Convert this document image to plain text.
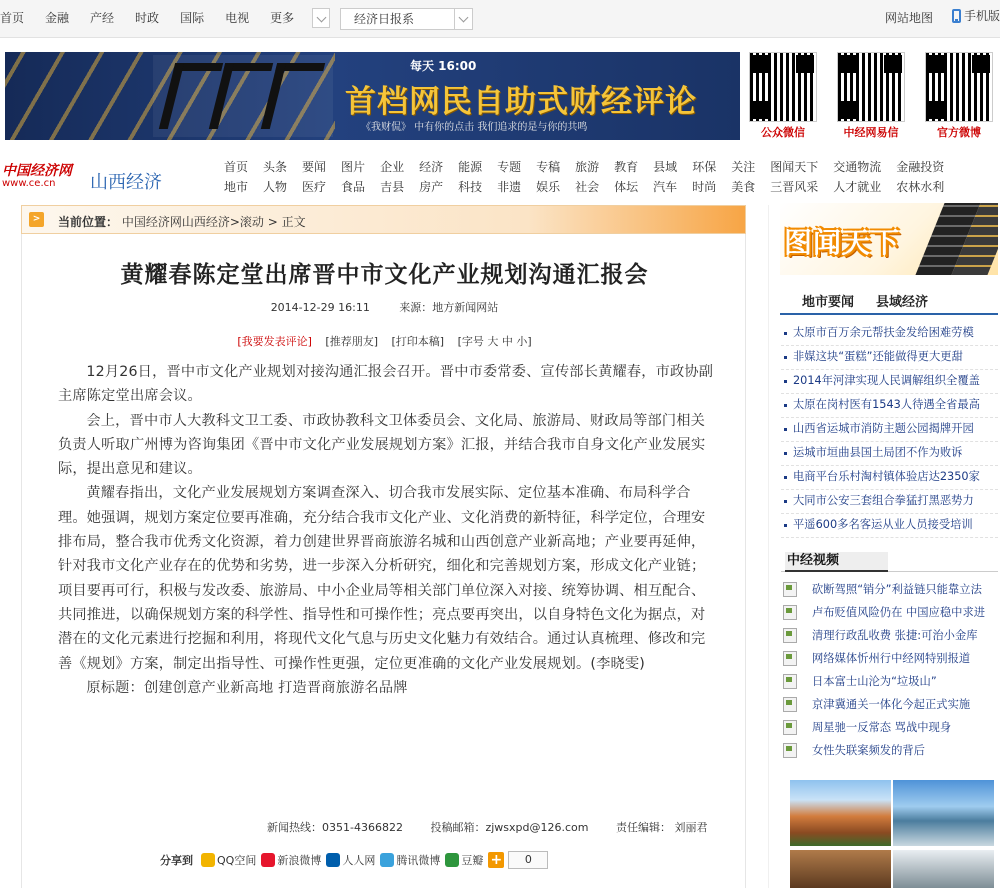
首页 金融 产经 时政 国际 电视 更多	经济日报系	网站地图	手机版
每天 16:00
首档网民自助式财经评论
《我财侃》 中有你的点击 我们追求的是与你的共鸣	公众微信	中经网易信	官方微博
中国经济网
www.ce.cn	山西经济
首页 头条 要闻 图片 企业 经济 能源 专题 专稿 旅游 教育 县域 环保 关注 图闻天下 交通物流 金融投资
地市 人物 医疗 食品 吉县 房产 科技 非遗 娱乐 社会 体坛 汽车 时尚 美食 三晋风采 人才就业 农林水利
>	当前位置： 中国经济网山西经济>滚动 > 正文
黄耀春陈定堂出席晋中市文化产业规划沟通汇报会
2014-12-29 16:11	来源：地方新闻网站
[我要发表评论] [推荐朋友] [打印本稿] [字号 大 中 小]

12月26日，晋中市文化产业规划对接沟通汇报会召开。晋中市委常委、宣传部长黄耀春，市政协副主席陈定堂出席会议。

会上，晋中市人大教科文卫工委、市政协教科文卫体委员会、文化局、旅游局、财政局等部门相关负责人听取广州博为咨询集团《晋中市文化产业发展规划方案》汇报，并结合我市自身文化产业发展实际，提出意见和建议。

黄耀春指出，文化产业发展规划方案调查深入、切合我市发展实际、定位基本准确、布局科学合理。她强调，规划方案定位要再准确，充分结合我市文化产业、文化消费的新特征，科学定位，合理安排布局，整合我市优秀文化资源，着力创建世界晋商旅游名城和山西创意产业新高地；产业要再延伸，针对我市文化产业存在的优势和劣势，进一步深入分析研究，细化和完善规划方案，形成文化产业链；项目要再可行，积极与发改委、旅游局、中小企业局等相关部门单位深入对接、统筹协调、相互配合、共同推进，以确保规划方案的科学性、指导性和可操作性；亮点要再突出，以自身特色文化为据点，对潜在的文化元素进行挖掘和利用，将现代文化气息与历史文化魅力有效结合。通过认真梳理、修改和完善《规划》方案，制定出指导性、可操作性更强，定位更准确的文化产业发展规划。(李晓雯)

原标题：创建创意产业新高地 打造晋商旅游名品牌

新闻热线：0351-4366822	投稿邮箱：zjwsxpd@126.com	责任编辑： 刘丽君
分享到 QQ空间 新浪微博 人人网 腾讯微博 豆瓣 +	0
图闻天下
地市要闻	县域经济
太原市百万余元帮扶金发给困难劳模
非媒这块“蛋糕”还能做得更大更甜
2014年河津实现人民调解组织全覆盖
太原在岗村医有1543人待遇全省最高
山西省运城市消防主题公园揭牌开园
运城市垣曲县国土局团不作为败诉
电商平台乐村淘村镇体验店达2350家
大同市公安三套组合拳猛打黑恶势力
平遥600多名客运从业人员接受培训
中经视频
砍断驾照“销分”利益链只能靠立法
卢布贬值风险仍在 中国应稳中求进
清理行政乱收费 张捷:可治小金库
网络媒体忻州行中经网特别报道
日本富士山沦为“垃圾山”
京津冀通关一体化今起正式实施
周星驰一反常态 骂战中现身
女性失联案频发的背后
